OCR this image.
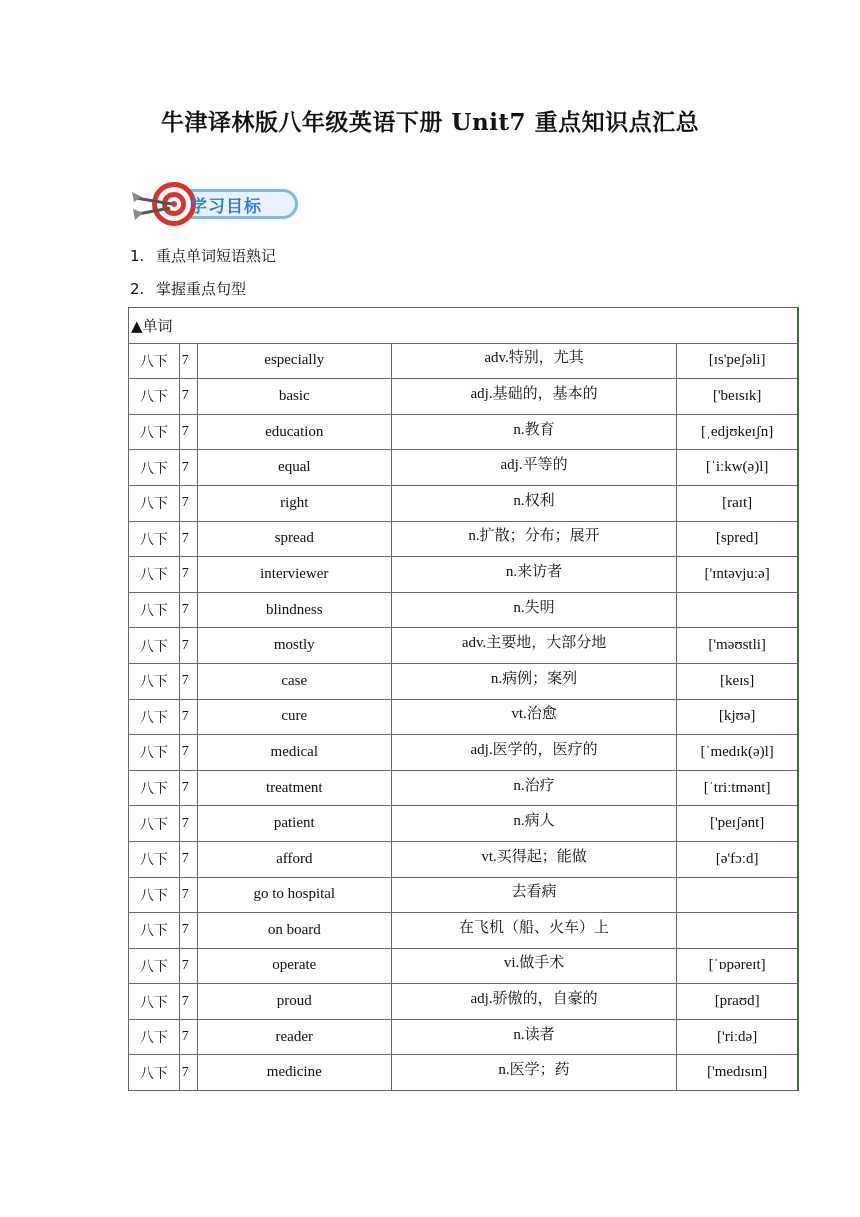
牛津译林版八年级英语下册 Unit7 重点知识点汇总
学习目标
1. 重点单词短语熟记
2. 掌握重点句型
▲单词				
八下	7	especially	adv.特别，尤其	[ɪs'peʃəli]
八下	7	basic	adj.基础的，基本的	['beɪsɪk]
八下	7	education	n.教育	[ˌedjʊkeɪʃn]
八下	7	equal	adj.平等的	[ˈiːkw(ə)l]
八下	7	right	n.权利	[raɪt]
八下	7	spread	n.扩散；分布；展开	[spred]
八下	7	interviewer	n.来访者	['ɪntəvjuːə]
八下	7	blindness	n.失明	
八下	7	mostly	adv.主要地，大部分地	['məʊstli]
八下	7	case	n.病例；案列	[keɪs]
八下	7	cure	vt.治愈	[kjʊə]
八下	7	medical	adj.医学的，医疗的	[ˈmedɪk(ə)l]
八下	7	treatment	n.治疗	[ˈtriːtmənt]
八下	7	patient	n.病人	['peɪʃənt]
八下	7	afford	vt.买得起；能做	[ə'fɔːd]
八下	7	go to hospital	去看病	
八下	7	on board	在飞机（船、火车）上	
八下	7	operate	vi.做手术	[ˈɒpəreɪt]
八下	7	proud	adj.骄傲的，自豪的	[praʊd]
八下	7	reader	n.读者	['riːdə]
八下	7	medicine	n.医学；药	['medɪsɪn]
